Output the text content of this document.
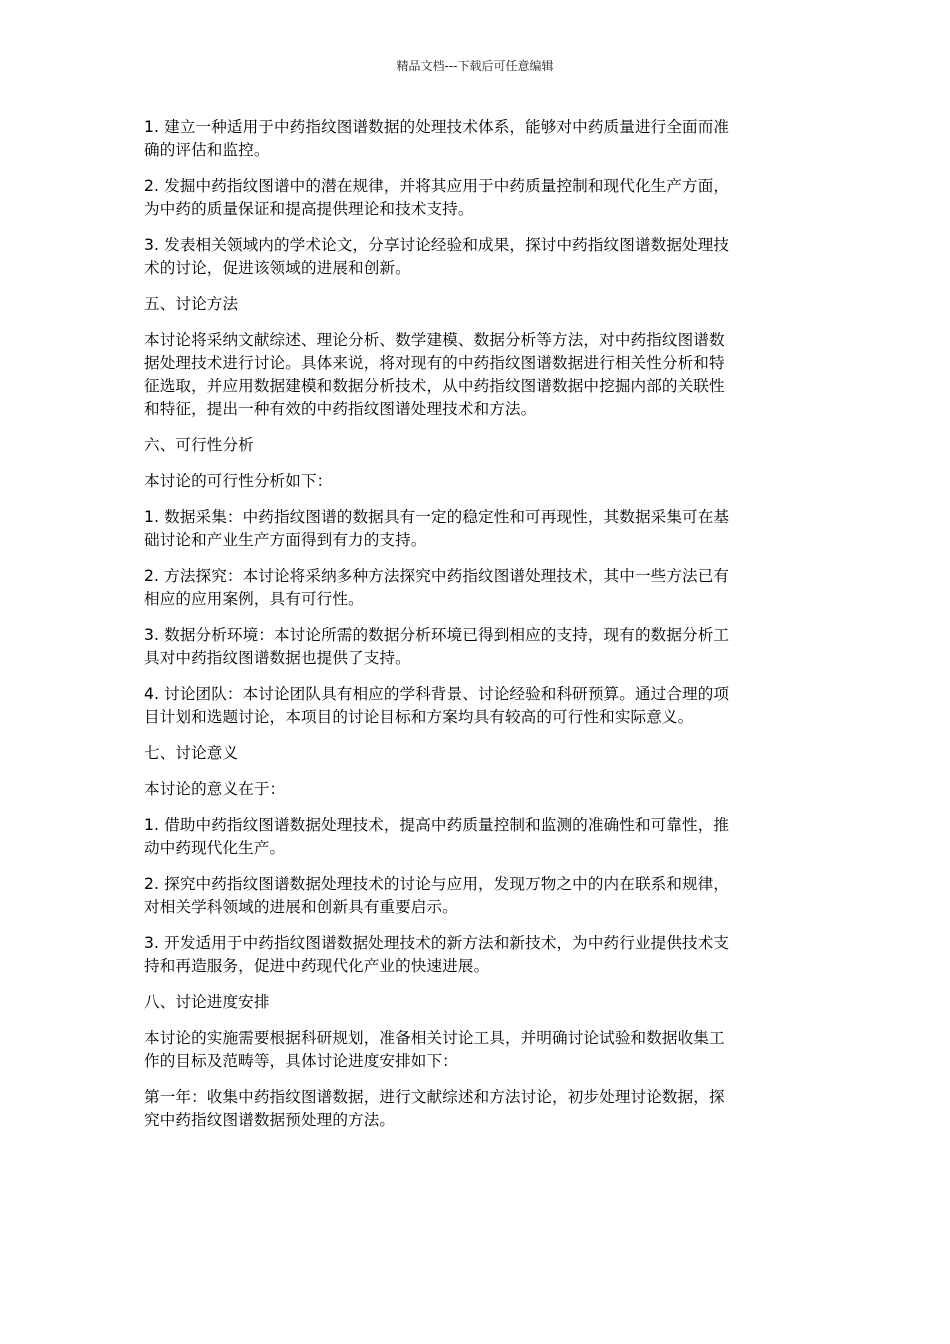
精品文档---下载后可任意编辑

1. 建立一种适用于中药指纹图谱数据的处理技术体系，能够对中药质量进行全面而准
确的评估和监控。

2. 发掘中药指纹图谱中的潜在规律，并将其应用于中药质量控制和现代化生产方面，
为中药的质量保证和提高提供理论和技术支持。

3. 发表相关领域内的学术论文，分享讨论经验和成果，探讨中药指纹图谱数据处理技
术的讨论，促进该领域的进展和创新。

五、讨论方法

本讨论将采纳文献综述、理论分析、数学建模、数据分析等方法，对中药指纹图谱数
据处理技术进行讨论。具体来说，将对现有的中药指纹图谱数据进行相关性分析和特
征选取，并应用数据建模和数据分析技术，从中药指纹图谱数据中挖掘内部的关联性
和特征，提出一种有效的中药指纹图谱处理技术和方法。

六、可行性分析

本讨论的可行性分析如下：

1. 数据采集：中药指纹图谱的数据具有一定的稳定性和可再现性，其数据采集可在基
础讨论和产业生产方面得到有力的支持。

2. 方法探究：本讨论将采纳多种方法探究中药指纹图谱处理技术，其中一些方法已有
相应的应用案例，具有可行性。

3. 数据分析环境：本讨论所需的数据分析环境已得到相应的支持，现有的数据分析工
具对中药指纹图谱数据也提供了支持。

4. 讨论团队：本讨论团队具有相应的学科背景、讨论经验和科研预算。通过合理的项
目计划和选题讨论，本项目的讨论目标和方案均具有较高的可行性和实际意义。

七、讨论意义

本讨论的意义在于：

1. 借助中药指纹图谱数据处理技术，提高中药质量控制和监测的准确性和可靠性，推
动中药现代化生产。

2. 探究中药指纹图谱数据处理技术的讨论与应用，发现万物之中的内在联系和规律，
对相关学科领域的进展和创新具有重要启示。

3. 开发适用于中药指纹图谱数据处理技术的新方法和新技术，为中药行业提供技术支
持和再造服务，促进中药现代化产业的快速进展。

八、讨论进度安排

本讨论的实施需要根据科研规划，准备相关讨论工具，并明确讨论试验和数据收集工
作的目标及范畴等，具体讨论进度安排如下：

第一年：收集中药指纹图谱数据，进行文献综述和方法讨论，初步处理讨论数据，探
究中药指纹图谱数据预处理的方法。
